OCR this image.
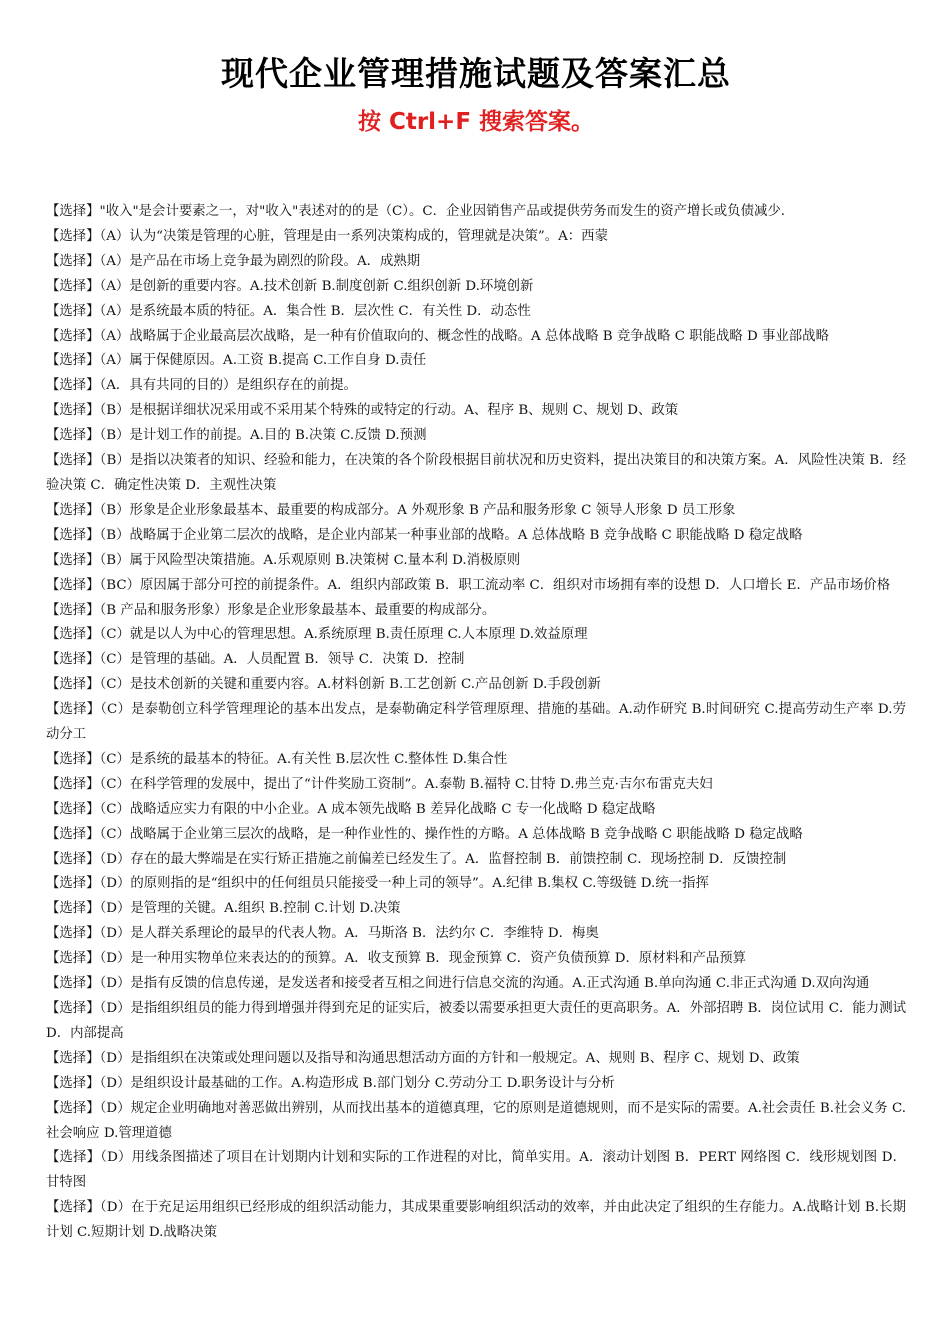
现代企业管理措施试题及答案汇总

按 Ctrl+F 搜索答案。

【选择】"收入"是会计要素之一，对"收入"表述对的的是（C）。C．企业因销售产品或提供劳务而发生的资产增长或负债减少.
【选择】（A）认为“决策是管理的心脏，管理是由一系列决策构成的，管理就是决策”。A：西蒙
【选择】（A）是产品在市场上竞争最为剧烈的阶段。A．成熟期
【选择】（A）是创新的重要内容。A.技术创新 B.制度创新 C.组织创新 D.环境创新
【选择】（A）是系统最本质的特征。A．集合性 B．层次性 C．有关性 D．动态性
【选择】（A）战略属于企业最高层次战略，是一种有价值取向的、概念性的战略。A 总体战略 B 竞争战略 C 职能战略 D 事业部战略
【选择】（A）属于保健原因。A.工资 B.提高 C.工作自身 D.责任
【选择】（A．具有共同的目的）是组织存在的前提。
【选择】（B）是根据详细状况采用或不采用某个特殊的或特定的行动。A、程序 B、规则 C、规划 D、政策
【选择】（B）是计划工作的前提。A.目的 B.决策 C.反馈 D.预测
【选择】（B）是指以决策者的知识、经验和能力，在决策的各个阶段根据目前状况和历史资料，提出决策目的和决策方案。A．风险性决策 B．经验决策 C．确定性决策 D．主观性决策
【选择】（B）形象是企业形象最基本、最重要的构成部分。A 外观形象 B 产品和服务形象 C 领导人形象 D 员工形象
【选择】（B）战略属于企业第二层次的战略，是企业内部某一种事业部的战略。A 总体战略 B 竞争战略 C 职能战略 D 稳定战略
【选择】（B）属于风险型决策措施。A.乐观原则 B.决策树 C.量本利 D.消极原则
【选择】（BC）原因属于部分可控的前提条件。A．组织内部政策 B．职工流动率 C．组织对市场拥有率的设想 D．人口增长 E．产品市场价格
【选择】（B 产品和服务形象）形象是企业形象最基本、最重要的构成部分。
【选择】（C）就是以人为中心的管理思想。A.系统原理 B.责任原理 C.人本原理 D.效益原理
【选择】（C）是管理的基础。A．人员配置 B．领导 C．决策 D．控制
【选择】（C）是技术创新的关键和重要内容。A.材料创新 B.工艺创新 C.产品创新 D.手段创新
【选择】（C）是泰勒创立科学管理理论的基本出发点，是泰勒确定科学管理原理、措施的基础。A.动作研究 B.时间研究 C.提高劳动生产率 D.劳动分工
【选择】（C）是系统的最基本的特征。A.有关性 B.层次性 C.整体性 D.集合性
【选择】（C）在科学管理的发展中，提出了“计件奖励工资制”。A.泰勒 B.福特 C.甘特 D.弗兰克·吉尔布雷克夫妇
【选择】（C）战略适应实力有限的中小企业。A 成本领先战略 B 差异化战略 C 专一化战略 D 稳定战略
【选择】（C）战略属于企业第三层次的战略，是一种作业性的、操作性的方略。A 总体战略 B 竞争战略 C 职能战略 D 稳定战略
【选择】（D）存在的最大弊端是在实行矫正措施之前偏差已经发生了。A．监督控制 B．前馈控制 C．现场控制 D．反馈控制
【选择】（D）的原则指的是“组织中的任何组员只能接受一种上司的领导”。A.纪律 B.集权 C.等级链 D.统一指挥
【选择】（D）是管理的关键。A.组织 B.控制 C.计划 D.决策
【选择】（D）是人群关系理论的最早的代表人物。A．马斯洛 B．法约尔 C．李维特 D．梅奥
【选择】（D）是一种用实物单位来表达的的预算。A．收支预算 B．现金预算 C．资产负债预算 D．原材料和产品预算
【选择】（D）是指有反馈的信息传递，是发送者和接受者互相之间进行信息交流的沟通。A.正式沟通 B.单向沟通 C.非正式沟通 D.双向沟通
【选择】（D）是指组织组员的能力得到增强并得到充足的证实后，被委以需要承担更大责任的更高职务。A．外部招聘 B．岗位试用 C．能力测试 D．内部提高
【选择】（D）是指组织在决策或处理问题以及指导和沟通思想活动方面的方针和一般规定。A、规则 B、程序 C、规划 D、政策
【选择】（D）是组织设计最基础的工作。A.构造形成 B.部门划分 C.劳动分工 D.职务设计与分析
【选择】（D）规定企业明确地对善恶做出辨别，从而找出基本的道德真理，它的原则是道德规则，而不是实际的需要。A.社会责任 B.社会义务 C.社会响应 D.管理道德
【选择】（D）用线条图描述了项目在计划期内计划和实际的工作进程的对比，简单实用。A．滚动计划图 B．PERT 网络图 C．线形规划图 D．甘特图
【选择】（D）在于充足运用组织已经形成的组织活动能力，其成果重要影响组织活动的效率，并由此决定了组织的生存能力。A.战略计划 B.长期计划 C.短期计划 D.战略决策
